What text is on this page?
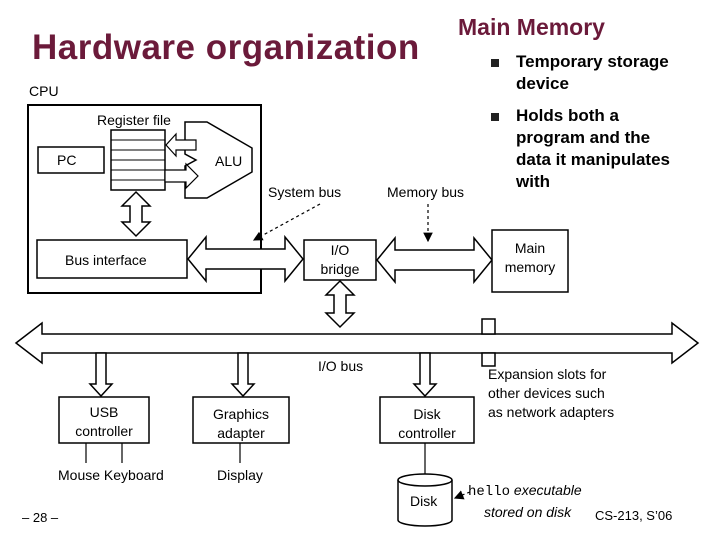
Hardware organization
Main Memory
Temporary storage
device
Holds both a
program and the
data it manipulates
with
CPU
Register file
PC	ALU
Bus interface
System bus	Memory bus
I/O bus
I/O
bridge
Main
memory
USB
controller
Graphics
adapter
Disk
controller
Mouse Keyboard	Display
Disk
Expansion slots for
other devices such
as network adapters
hello executable
stored on disk
– 28 –	CS-213, S’06
